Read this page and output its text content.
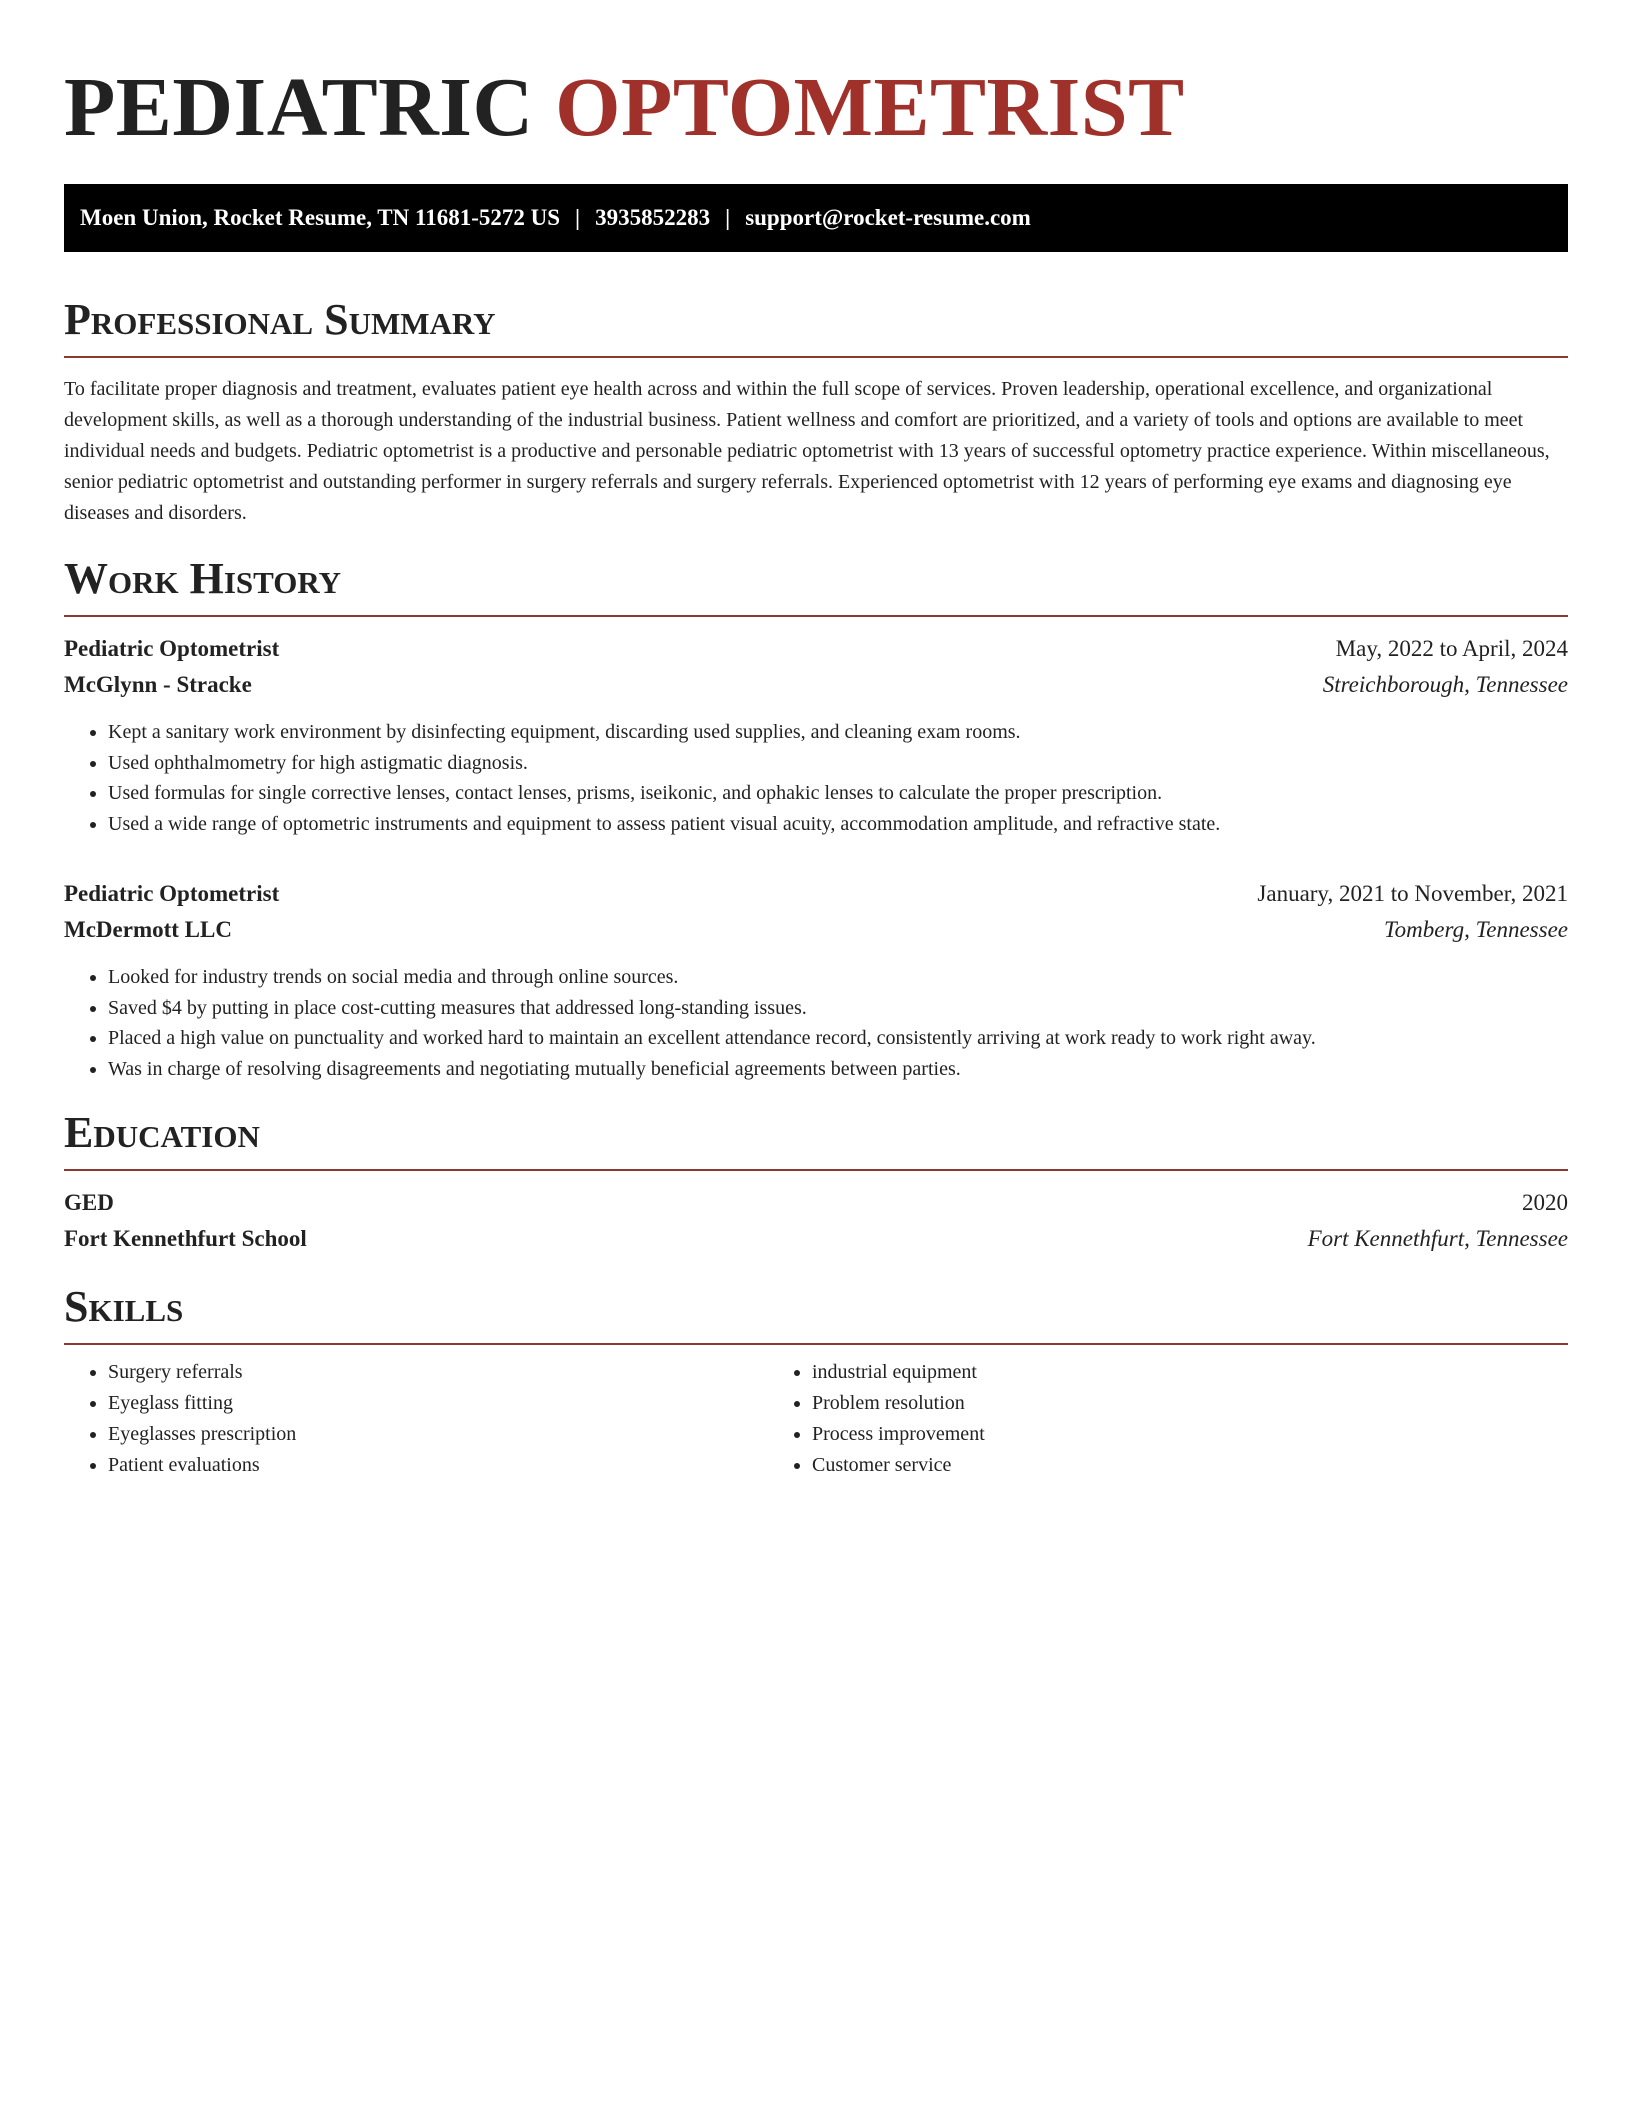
PEDIATRIC OPTOMETRIST
Moen Union, Rocket Resume, TN 11681-5272 US | 3935852283 | support@rocket-resume.com
Professional Summary

To facilitate proper diagnosis and treatment, evaluates patient eye health across and within the full scope of services. Proven leadership, operational excellence, and organizational development skills, as well as a thorough understanding of the industrial business. Patient wellness and comfort are prioritized, and a variety of tools and options are available to meet individual needs and budgets. Pediatric optometrist is a productive and personable pediatric optometrist with 13 years of successful optometry practice experience. Within miscellaneous, senior pediatric optometrist and outstanding performer in surgery referrals and surgery referrals. Experienced optometrist with 12 years of performing eye exams and diagnosing eye diseases and disorders.

Work History
Pediatric Optometrist	May, 2022 to April, 2024
McGlynn - Stracke	Streichborough, Tennessee
• Kept a sanitary work environment by disinfecting equipment, discarding used supplies, and cleaning exam rooms.
• Used ophthalmometry for high astigmatic diagnosis.
• Used formulas for single corrective lenses, contact lenses, prisms, iseikonic, and ophakic lenses to calculate the proper prescription.
• Used a wide range of optometric instruments and equipment to assess patient visual acuity, accommodation amplitude, and refractive state.
Pediatric Optometrist	January, 2021 to November, 2021
McDermott LLC	Tomberg, Tennessee
• Looked for industry trends on social media and through online sources.
• Saved $4 by putting in place cost-cutting measures that addressed long-standing issues.
• Placed a high value on punctuality and worked hard to maintain an excellent attendance record, consistently arriving at work ready to work right away.
• Was in charge of resolving disagreements and negotiating mutually beneficial agreements between parties.
Education
GED	2020
Fort Kennethfurt School	Fort Kennethfurt, Tennessee
Skills
• Surgery referrals
• Eyeglass fitting
• Eyeglasses prescription
• Patient evaluations
• industrial equipment
• Problem resolution
• Process improvement
• Customer service
